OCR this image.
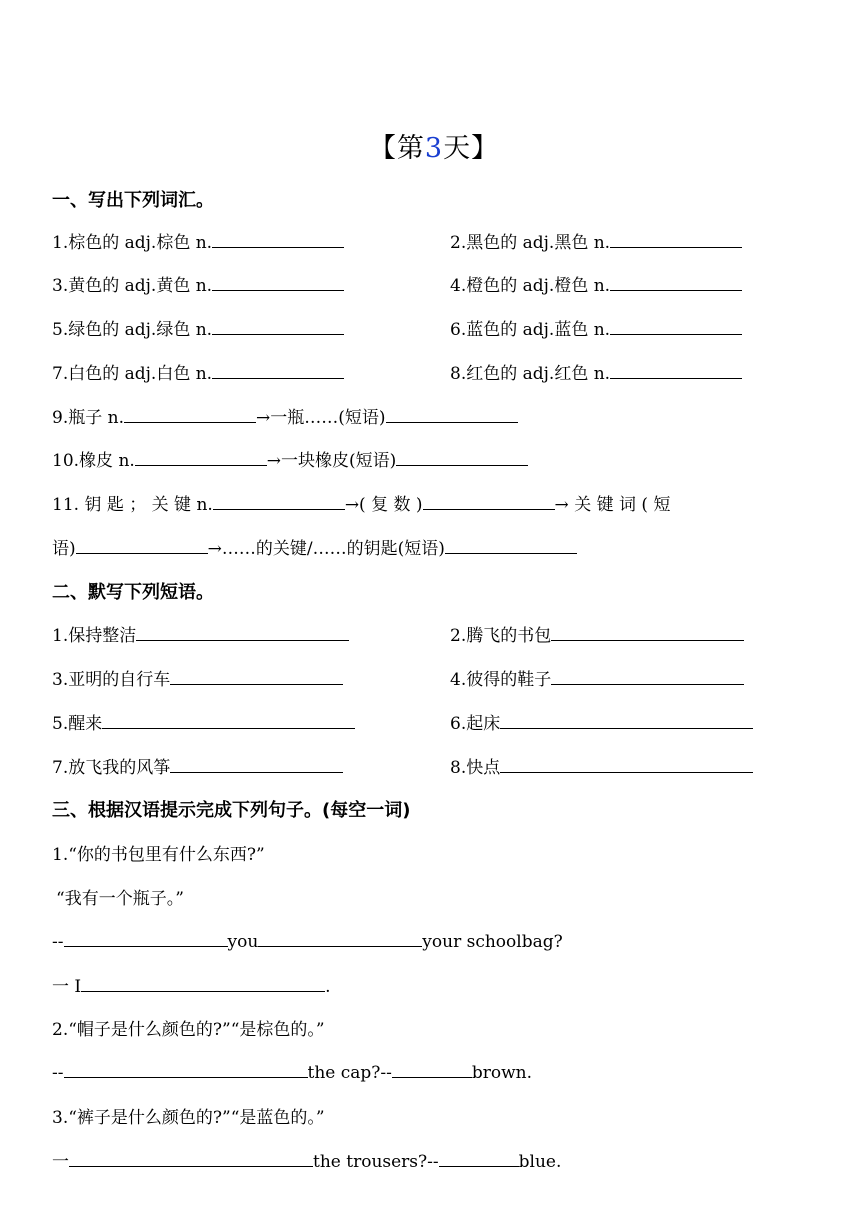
【第3天】
一、写出下列词汇。
1.棕色的 adj.棕色 n.	2.黑色的 adj.黑色 n.
3.黄色的 adj.黄色 n.	4.橙色的 adj.橙色 n.
5.绿色的 adj.绿色 n.	6.蓝色的 adj.蓝色 n.
7.白色的 adj.白色 n.	8.红色的 adj.红色 n.
9.瓶子 n.	→一瓶……(短语)
10.橡皮 n.	→一块橡皮(短语)
11. 钥 匙 ； 关 键 n.	→( 复 数 )	→ 关 键 词 ( 短
语)	→……的关键/……的钥匙(短语)
二、默写下列短语。
1.保持整洁	2.腾飞的书包
3.亚明的自行车	4.彼得的鞋子
5.醒来	6.起床
7.放飞我的风筝	8.快点
三、根据汉语提示完成下列句子。(每空一词)
1.“你的书包里有什么东西?”
“我有一个瓶子。”
--	you	your schoolbag?
一 I	.
2.“帽子是什么颜色的?”“是棕色的。”
--	the cap?--	brown.
3.“裤子是什么颜色的?”“是蓝色的。”
一	the trousers?--	blue.
